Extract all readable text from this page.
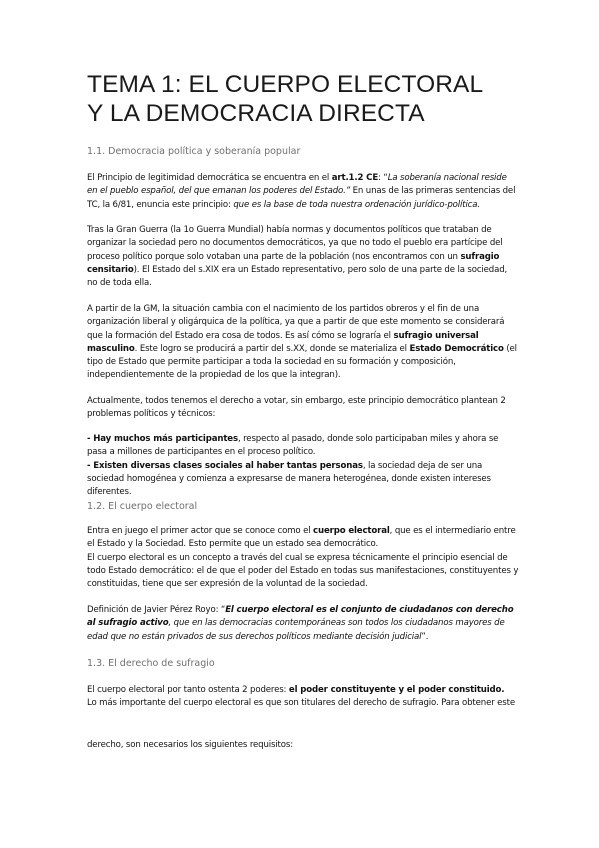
TEMA 1: EL CUERPO ELECTORAL
Y LA DEMOCRACIA DIRECTA
1.1. Democracia política y soberanía popular
El Principio de legitimidad democrática se encuentra en el art.1.2 CE: “La soberanía nacional reside en el pueblo español, del que emanan los poderes del Estado.” En unas de las primeras sentencias del TC, la 6/81, enuncia este principio: que es la base de toda nuestra ordenación jurídico-política.
Tras la Gran Guerra (la 1o Guerra Mundial) había normas y documentos políticos que trataban de organizar la sociedad pero no documentos democráticos, ya que no todo el pueblo era partícipe del proceso político porque solo votaban una parte de la población (nos encontramos con un sufragio censitario). El Estado del s.XIX era un Estado representativo, pero solo de una parte de la sociedad, no de toda ella.
A partir de la GM, la situación cambia con el nacimiento de los partidos obreros y el fin de una organización liberal y oligárquica de la política, ya que a partir de que este momento se considerará que la formación del Estado era cosa de todos. Es así cómo se lograría el sufragio universal masculino. Este logro se producirá a partir del s.XX, donde se materializa el Estado Democrático (el tipo de Estado que permite participar a toda la sociedad en su formación y composición, independientemente de la propiedad de los que la integran).
Actualmente, todos tenemos el derecho a votar, sin embargo, este principio democrático plantean 2 problemas políticos y técnicos:
- Hay muchos más participantes, respecto al pasado, donde solo participaban miles y ahora se pasa a millones de participantes en el proceso político.
- Existen diversas clases sociales al haber tantas personas, la sociedad deja de ser una sociedad homogénea y comienza a expresarse de manera heterogénea, donde existen intereses diferentes.
1.2. El cuerpo electoral
Entra en juego el primer actor que se conoce como el cuerpo electoral, que es el intermediario entre el Estado y la Sociedad. Esto permite que un estado sea democrático.
El cuerpo electoral es un concepto a través del cual se expresa técnicamente el principio esencial de todo Estado democrático: el de que el poder del Estado en todas sus manifestaciones, constituyentes y constituidas, tiene que ser expresión de la voluntad de la sociedad.
Definición de Javier Pérez Royo: “El cuerpo electoral es el conjunto de ciudadanos con derecho al sufragio activo, que en las democracias contemporáneas son todos los ciudadanos mayores de edad que no están privados de sus derechos políticos mediante decisión judicial”.
1.3. El derecho de sufragio
El cuerpo electoral por tanto ostenta 2 poderes: el poder constituyente y el poder constituido.
Lo más importante del cuerpo electoral es que son titulares del derecho de sufragio. Para obtener este
derecho, son necesarios los siguientes requisitos:
